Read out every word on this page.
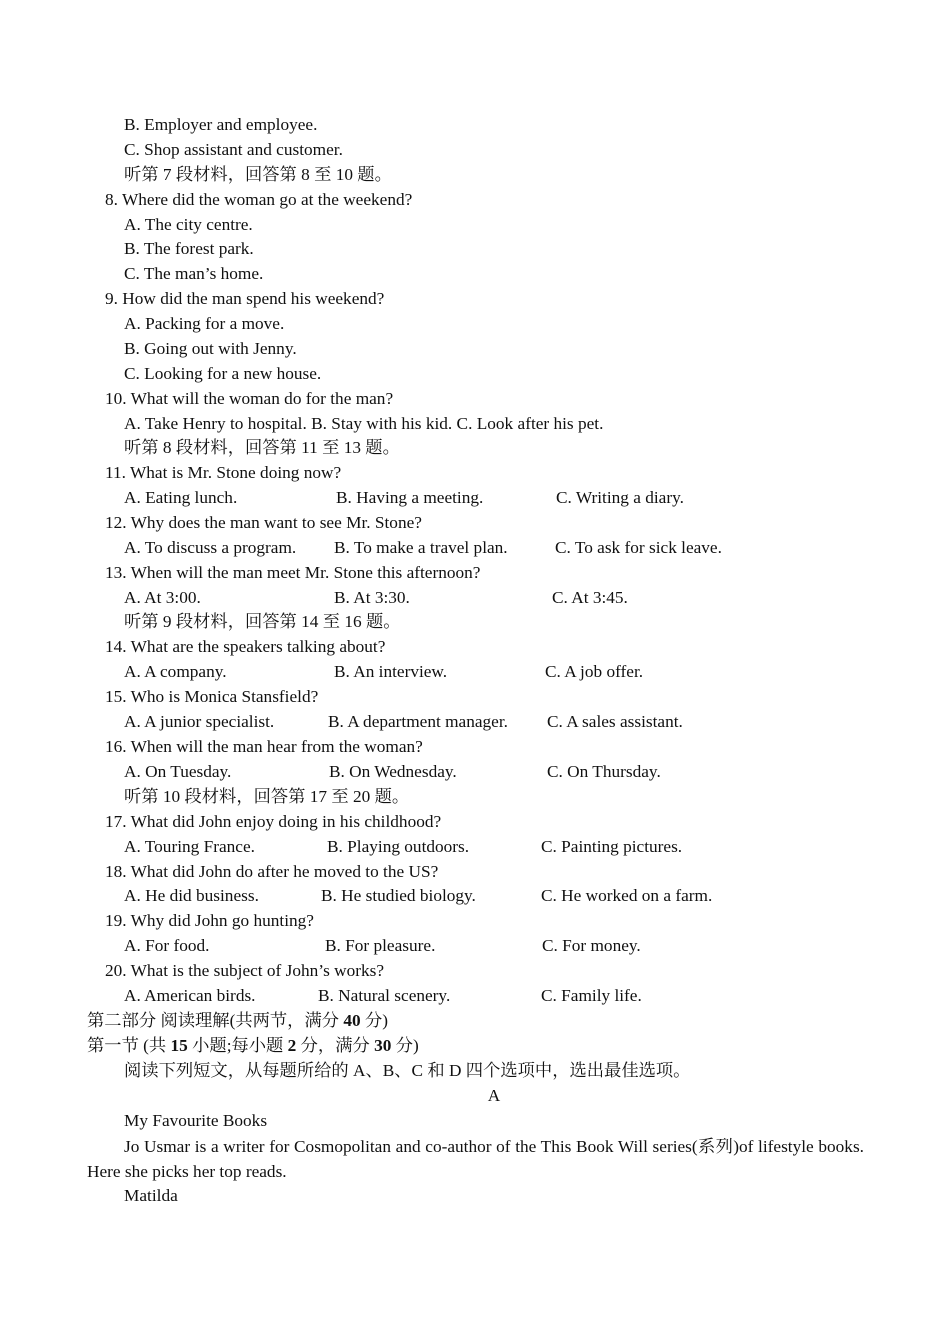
B. Employer and employee.
C. Shop assistant and customer.
听第 7 段材料，回答第 8 至 10 题。
8. Where did the woman go at the weekend?
A. The city centre.
B. The forest park.
C. The man’s home.
9. How did the man spend his weekend?
A. Packing for a move.
B. Going out with Jenny.
C. Looking for a new house.
10. What will the woman do for the man?
A. Take Henry to hospital. B. Stay with his kid. C. Look after his pet.
听第 8 段材料，回答第 11 至 13 题。
11. What is Mr. Stone doing now?
A. Eating lunch.	B. Having a meeting.	C. Writing a diary.
12. Why does the man want to see Mr. Stone?
A. To discuss a program. B. To make a travel plan.	C. To ask for sick leave.
13. When will the man meet Mr. Stone this afternoon?
A. At 3:00.	B. At 3:30.	C. At 3:45.
听第 9 段材料，回答第 14 至 16 题。
14. What are the speakers talking about?
A. A company.	B. An interview.	C. A job offer.
15. Who is Monica Stansfield?
A. A junior specialist.	B. A department manager. C. A sales assistant.
16. When will the man hear from the woman?
A. On Tuesday.	B. On Wednesday.	C. On Thursday.
听第 10 段材料，回答第 17 至 20 题。
17. What did John enjoy doing in his childhood?
A. Touring France.	B. Playing outdoors.	C. Painting pictures.
18. What did John do after he moved to the US?
A. He did business.	B. He studied biology.	C. He worked on a farm.
19. Why did John go hunting?
A. For food.	B. For pleasure.	C. For money.
20. What is the subject of John’s works?
A. American birds.	B. Natural scenery.	C. Family life.
第二部分 阅读理解(共两节，满分 40 分)
第一节 (共 15 小题;每小题 2 分，满分 30 分)
阅读下列短文，从每题所给的 A、B、C 和 D 四个选项中，选出最佳选项。
A
My Favourite Books
Jo Usmar is a writer for Cosmopolitan and co-author of the This Book Will series(系列)of lifestyle books. Here she picks her top reads.
Matilda
